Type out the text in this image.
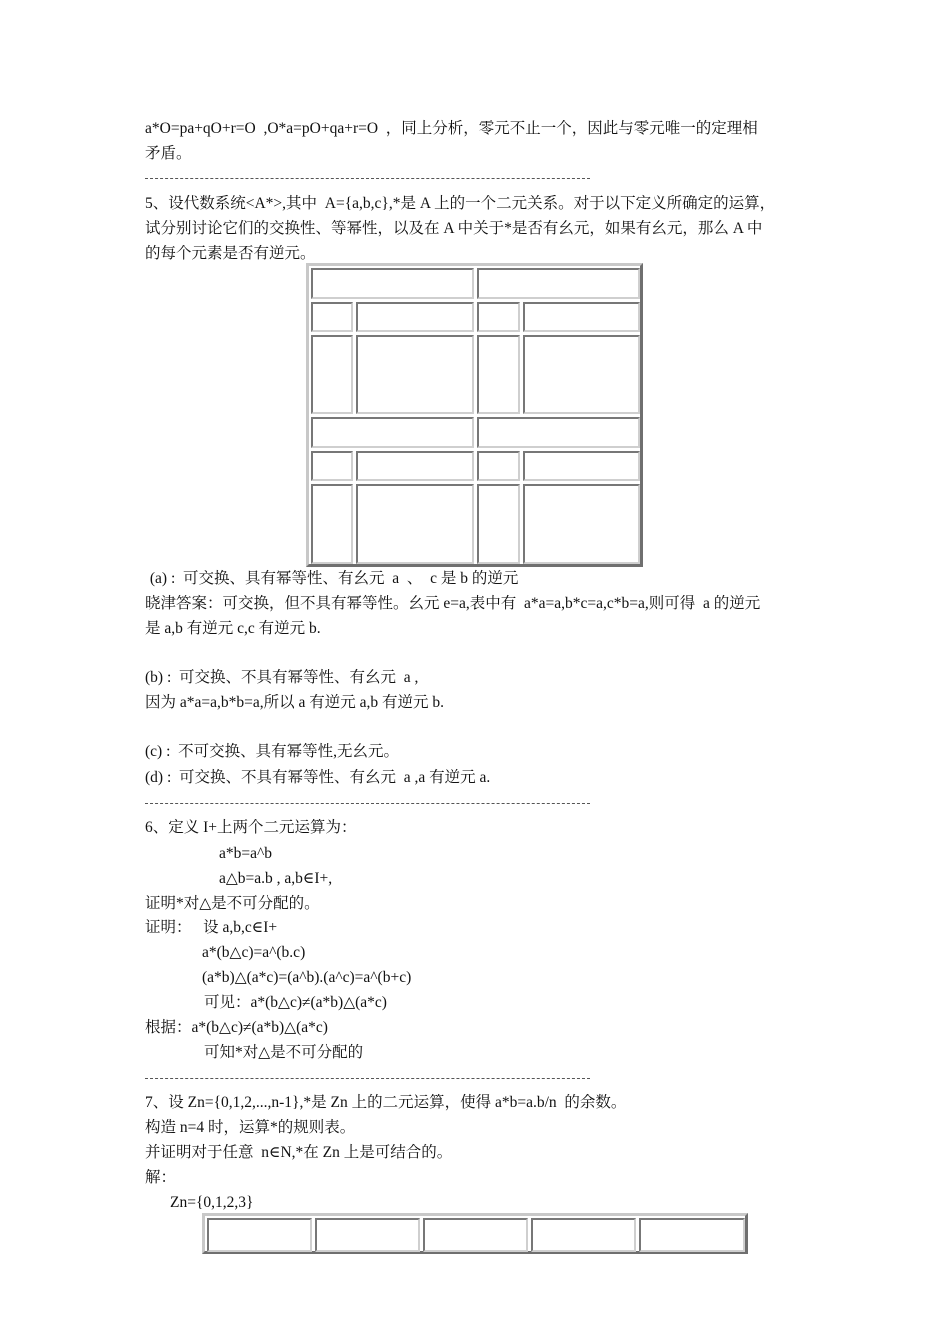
a*O=pa+qO+r=O  ,O*a=pO+qa+r=O  ，同上分析，零元不止一个，因此与零元唯一的定理相
矛盾。
5、设代数系统<A*>,其中  A={a,b,c},*是 A 上的一个二元关系。对于以下定义所确定的运算，
试分别讨论它们的交换性、等幂性，以及在 A 中关于*是否有幺元，如果有幺元，那么 A 中
的每个元素是否有逆元。
(a) :  可交换、具有幂等性、有幺元  a  、  c 是 b 的逆元
晓津答案：可交换，但不具有幂等性。幺元 e=a,表中有  a*a=a,b*c=a,c*b=a,则可得  a 的逆元
是 a,b 有逆元 c,c 有逆元 b.
(b) :  可交换、不具有幂等性、有幺元  a ,
因为 a*a=a,b*b=a,所以 a 有逆元 a,b 有逆元 b.
(c) :  不可交换、具有幂等性,无幺元。
(d) :  可交换、不具有幂等性、有幺元  a ,a 有逆元 a.
6、定义 I+上两个二元运算为：
a*b=a^b
a△b=a.b , a,b∈I+,
证明*对△是不可分配的。
证明：   设 a,b,c∈I+
a*(b△c)=a^(b.c)
(a*b)△(a*c)=(a^b).(a^c)=a^(b+c)
可见：a*(b△c)≠(a*b)△(a*c)
根据：a*(b△c)≠(a*b)△(a*c)
可知*对△是不可分配的
7、设 Zn={0,1,2,...,n-1},*是 Zn 上的二元运算，使得 a*b=a.b/n  的余数。
构造 n=4 时，运算*的规则表。
并证明对于任意  n∈N,*在 Zn 上是可结合的。
解：
Zn={0,1,2,3}
